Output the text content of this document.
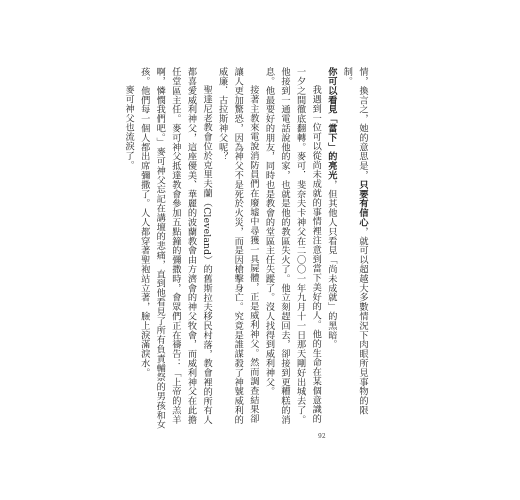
情，換言之，她的意思是，只要有信心，就可以超越大多數情況下肉眼所見事物的限制。

你可以看見「當下」的亮光，但其他人只看見「尚未成就」的黑暗。

我遇到一位可以從尚未成就的事情裡注意到當下美好的人。他的生命在某個意識的一夕之間徹底翻轉。麥可．斐奈夫卡神父在二〇〇一年九月十一日那天剛好出城去了。他接到一通電話說他的家，也就是他的教區失火了。他立刻趕回去，卻接到更糟糕的消息。他最要好的朋友，同時也是教會的堂區主任失蹤了。沒人找得到威利神父。

接著主教來電說消防員們在廢墟中尋獲一具屍體，正是威利神父。然而調查結果卻讓人更加驚恐，因為神父不是死於火災，而是因槍擊身亡。究竟是誰謀殺了神號威利的威廉．古拉斯神父呢？

聖達尼老教會位於克里夫蘭（Cleveland）的舊斯拉夫移民村落，教會裡的所有人都喜愛威利神父，這座優美、華麗的波蘭教會由方濟會的神父牧會，而威利神父在此擔任堂區主任。麥可神父抵達教會參加五點鐘的彌撒時，會眾們正在禱告：「上帝的羔羊啊，憐憫我們吧。」麥可神父忘記在講壇的悲痛，直到他看見了所有負責輔祭的男孩和女孩。他們每一個人都出席彌撒了。人人都穿著聖袍站立著，臉上淚滿淚水。

麥可神父也流淚了。

92
